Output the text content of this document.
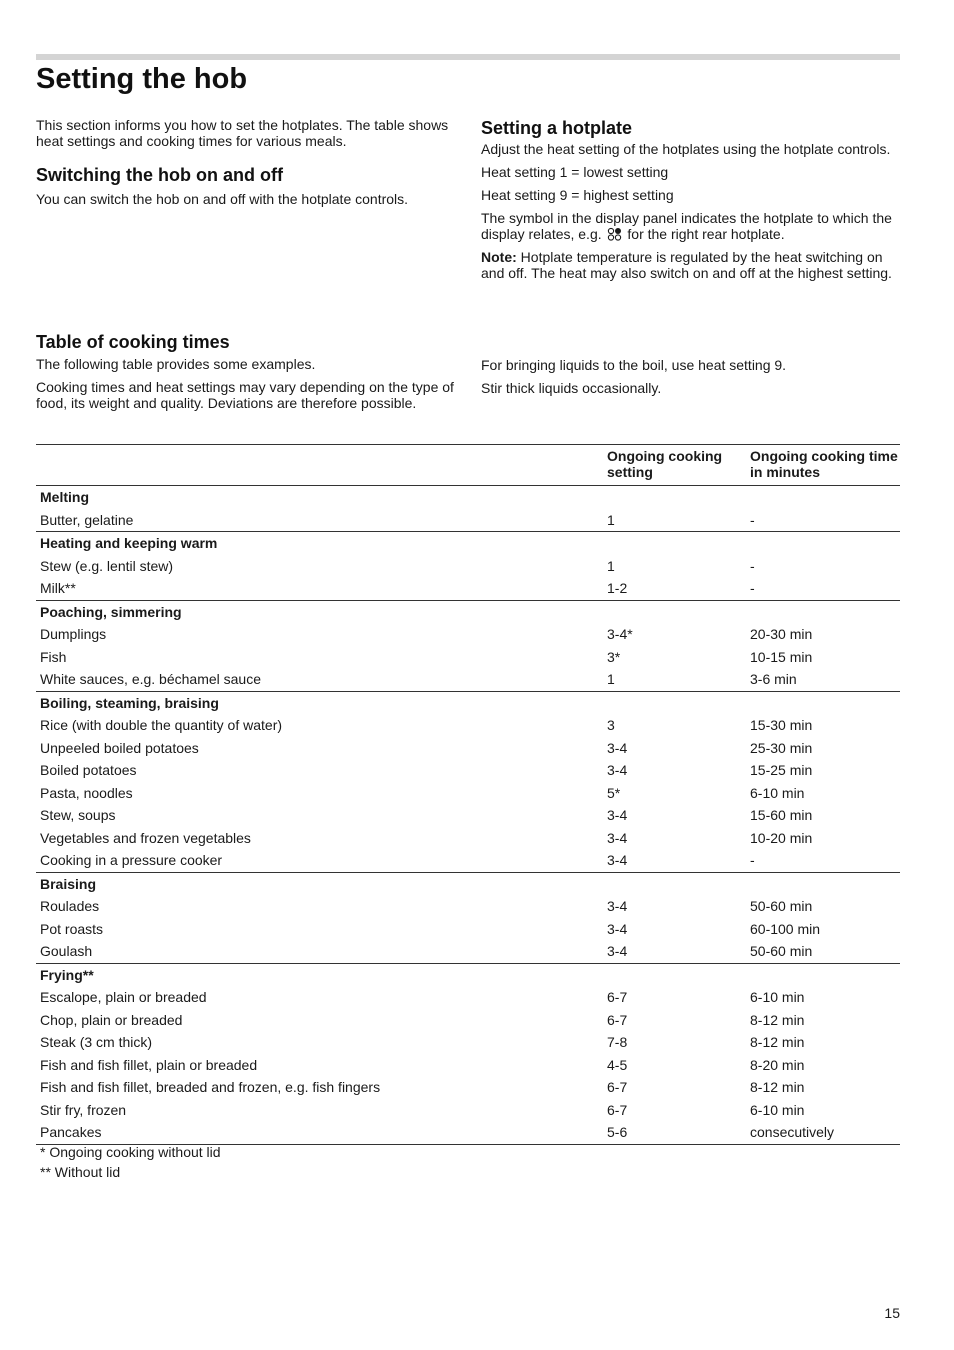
Setting the hob

This section informs you how to set the hotplates. The table shows heat settings and cooking times for various meals.

Switching the hob on and off

You can switch the hob on and off with the hotplate controls.

Setting a hotplate

Adjust the heat setting of the hotplates using the hotplate controls.

Heat setting 1 = lowest setting

Heat setting 9 = highest setting

The symbol in the display panel indicates the hotplate to which the display relates, e.g. for the right rear hotplate.

Note: Hotplate temperature is regulated by the heat switching on and off. The heat may also switch on and off at the highest setting.

Table of cooking times

The following table provides some examples.

Cooking times and heat settings may vary depending on the type of food, its weight and quality. Deviations are therefore possible.

For bringing liquids to the boil, use heat setting 9.

Stir thick liquids occasionally.

	Ongoing cooking setting	Ongoing cooking time in minutes
Melting		
Butter, gelatine	1	-
Heating and keeping warm		
Stew (e.g. lentil stew)	1	-
Milk**	1-2	-
Poaching, simmering		
Dumplings	3-4*	20-30 min
Fish	3*	10-15 min
White sauces, e.g. béchamel sauce	1	3-6 min
Boiling, steaming, braising		
Rice (with double the quantity of water)	3	15-30 min
Unpeeled boiled potatoes	3-4	25-30 min
Boiled potatoes	3-4	15-25 min
Pasta, noodles	5*	6-10 min
Stew, soups	3-4	15-60 min
Vegetables and frozen vegetables	3-4	10-20 min
Cooking in a pressure cooker	3-4	-
Braising		
Roulades	3-4	50-60 min
Pot roasts	3-4	60-100 min
Goulash	3-4	50-60 min
Frying**		
Escalope, plain or breaded	6-7	6-10 min
Chop, plain or breaded	6-7	8-12 min
Steak (3 cm thick)	7-8	8-12 min
Fish and fish fillet, plain or breaded	4-5	8-20 min
Fish and fish fillet, breaded and frozen, e.g. fish fingers	6-7	8-12 min
Stir fry, frozen	6-7	6-10 min
Pancakes	5-6	consecutively
* Ongoing cooking without lid
** Without lid
15
